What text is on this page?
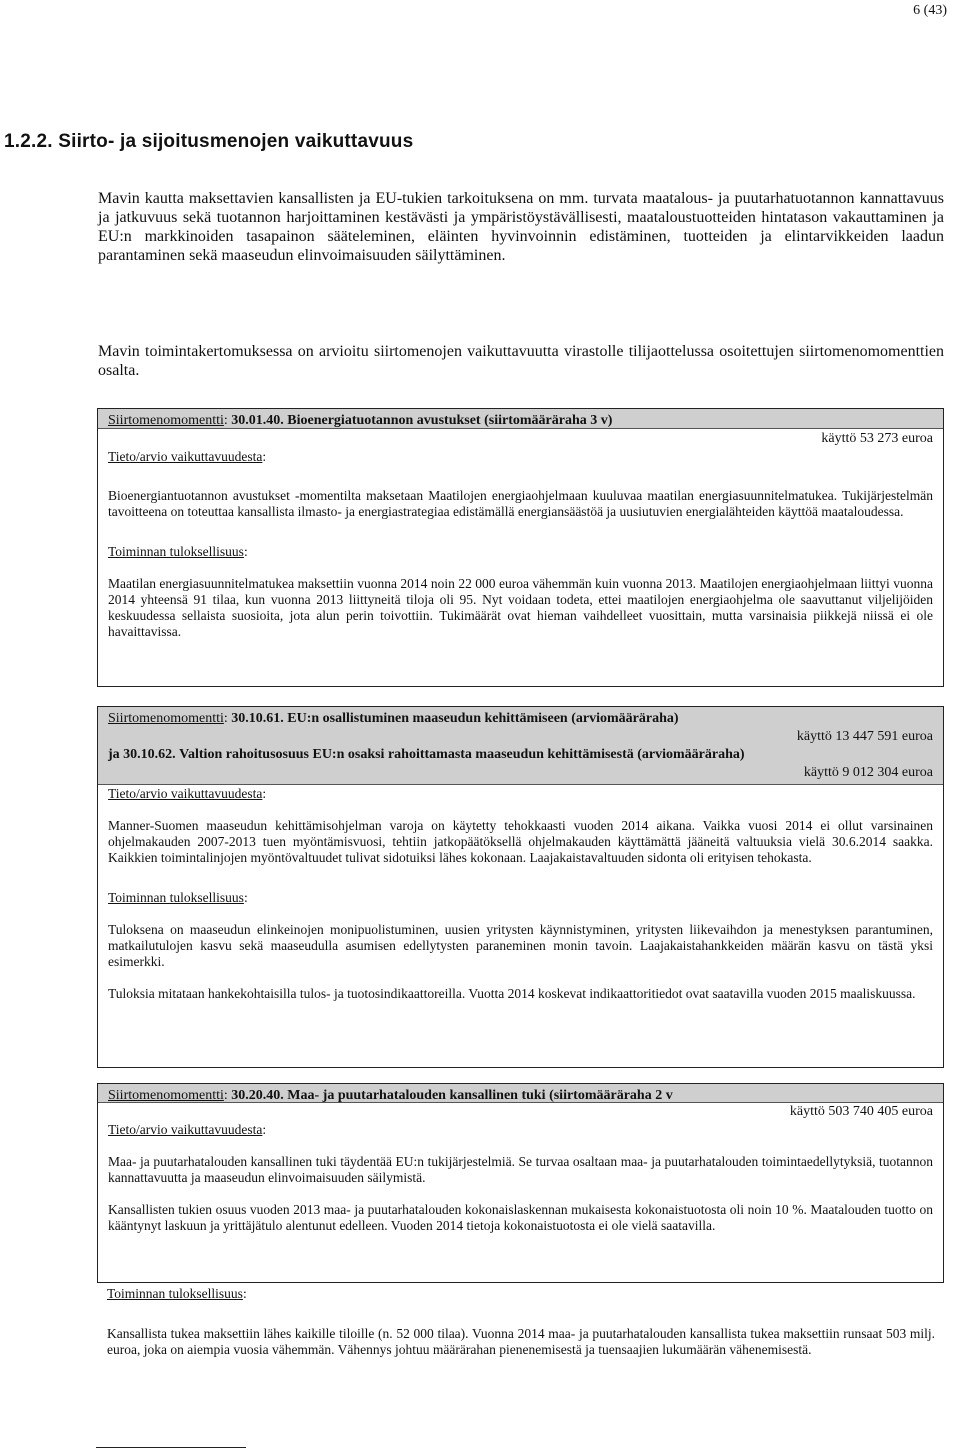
6 (43)
1.2.2. Siirto- ja sijoitusmenojen vaikuttavuus

Mavin kautta maksettavien kansallisten ja EU-tukien tarkoituksena on mm. turvata maatalous- ja puutarhatuotannon kannattavuus ja jatkuvuus sekä tuotannon harjoittaminen kestävästi ja ympäristöystävällisesti, maataloustuotteiden hintatason vakauttaminen ja EU:n markkinoiden tasapainon sääteleminen, eläinten hyvinvoinnin edistäminen, tuotteiden ja elintarvikkeiden laadun parantaminen sekä maaseudun elinvoimaisuuden säilyttäminen.

Mavin toimintakertomuksessa on arvioitu siirtomenojen vaikuttavuutta virastolle tilijaottelussa osoitettujen siirtomenomomenttien osalta.

Siirtomenomomentti: 30.01.40. Bioenergiatuotannon avustukset (siirtomääräraha 3 v)
käyttö 53 273 euroa
Tieto/arvio vaikuttavuudesta:

Bioenergiantuotannon avustukset -momentilta maksetaan Maatilojen energiaohjelmaan kuuluvaa maatilan energiasuunnitelmatukea. Tukijärjestelmän tavoitteena on toteuttaa kansallista ilmasto- ja energiastrategiaa edistämällä energiansäästöä ja uusiutuvien energialähteiden käyttöä maataloudessa.

Toiminnan tuloksellisuus:

Maatilan energiasuunnitelmatukea maksettiin vuonna 2014 noin 22 000 euroa vähemmän kuin vuonna 2013. Maatilojen energiaohjelmaan liittyi vuonna 2014 yhteensä 91 tilaa, kun vuonna 2013 liittyneitä tiloja oli 95. Nyt voidaan todeta, ettei maatilojen energiaohjelma ole saavuttanut viljelijöiden keskuudessa sellaista suosioita, jota alun perin toivottiin. Tukimäärät ovat hieman vaihdelleet vuosittain, mutta varsinaisia piikkejä niissä ei ole havaittavissa.

Siirtomenomomentti: 30.10.61. EU:n osallistuminen maaseudun kehittämiseen (arviomääräraha)
käyttö 13 447 591 euroa
ja 30.10.62. Valtion rahoitusosuus EU:n osaksi rahoittamasta maaseudun kehittämisestä (arviomääräraha)
käyttö 9 012 304 euroa
Tieto/arvio vaikuttavuudesta:

Manner-Suomen maaseudun kehittämisohjelman varoja on käytetty tehokkaasti vuoden 2014 aikana. Vaikka vuosi 2014 ei ollut varsinainen ohjelmakauden 2007-2013 tuen myöntämisvuosi, tehtiin jatkopäätöksellä ohjelmakauden käyttämättä jääneitä valtuuksia vielä 30.6.2014 saakka. Kaikkien toimintalinjojen myöntövaltuudet tulivat sidotuiksi lähes kokonaan. Laajakaistavaltuuden sidonta oli erityisen tehokasta.

Toiminnan tuloksellisuus:

Tuloksena on maaseudun elinkeinojen monipuolistuminen, uusien yritysten käynnistyminen, yritysten liikevaihdon ja menestyksen parantuminen, matkailutulojen kasvu sekä maaseudulla asumisen edellytysten paraneminen monin tavoin. Laajakaistahankkeiden määrän kasvu on tästä yksi esimerkki.

Tuloksia mitataan hankekohtaisilla tulos- ja tuotosindikaattoreilla. Vuotta 2014 koskevat indikaattoritiedot ovat saatavilla vuoden 2015 maaliskuussa.

Siirtomenomomentti: 30.20.40. Maa- ja puutarhatalouden kansallinen tuki (siirtomääräraha 2 v
käyttö 503 740 405 euroa
Tieto/arvio vaikuttavuudesta:

Maa- ja puutarhatalouden kansallinen tuki täydentää EU:n tukijärjestelmiä. Se turvaa osaltaan maa- ja puutarhatalouden toimintaedellytyksiä, tuotannon kannattavuutta ja maaseudun elinvoimaisuuden säilymistä.

Kansallisten tukien osuus vuoden 2013 maa- ja puutarhatalouden kokonaislaskennan mukaisesta kokonaistuotosta oli noin 10 %. Maatalouden tuotto on kääntynyt laskuun ja yrittäjätulo alentunut edelleen. Vuoden 2014 tietoja kokonaistuotosta ei ole vielä saatavilla.

Toiminnan tuloksellisuus:

Kansallista tukea maksettiin lähes kaikille tiloille (n. 52 000 tilaa). Vuonna 2014 maa- ja puutarhatalouden kansallista tukea maksettiin runsaat 503 milj. euroa, joka on aiempia vuosia vähemmän. Vähennys johtuu määrärahan pienenemisestä ja tuensaajien lukumäärän vähenemisestä.
